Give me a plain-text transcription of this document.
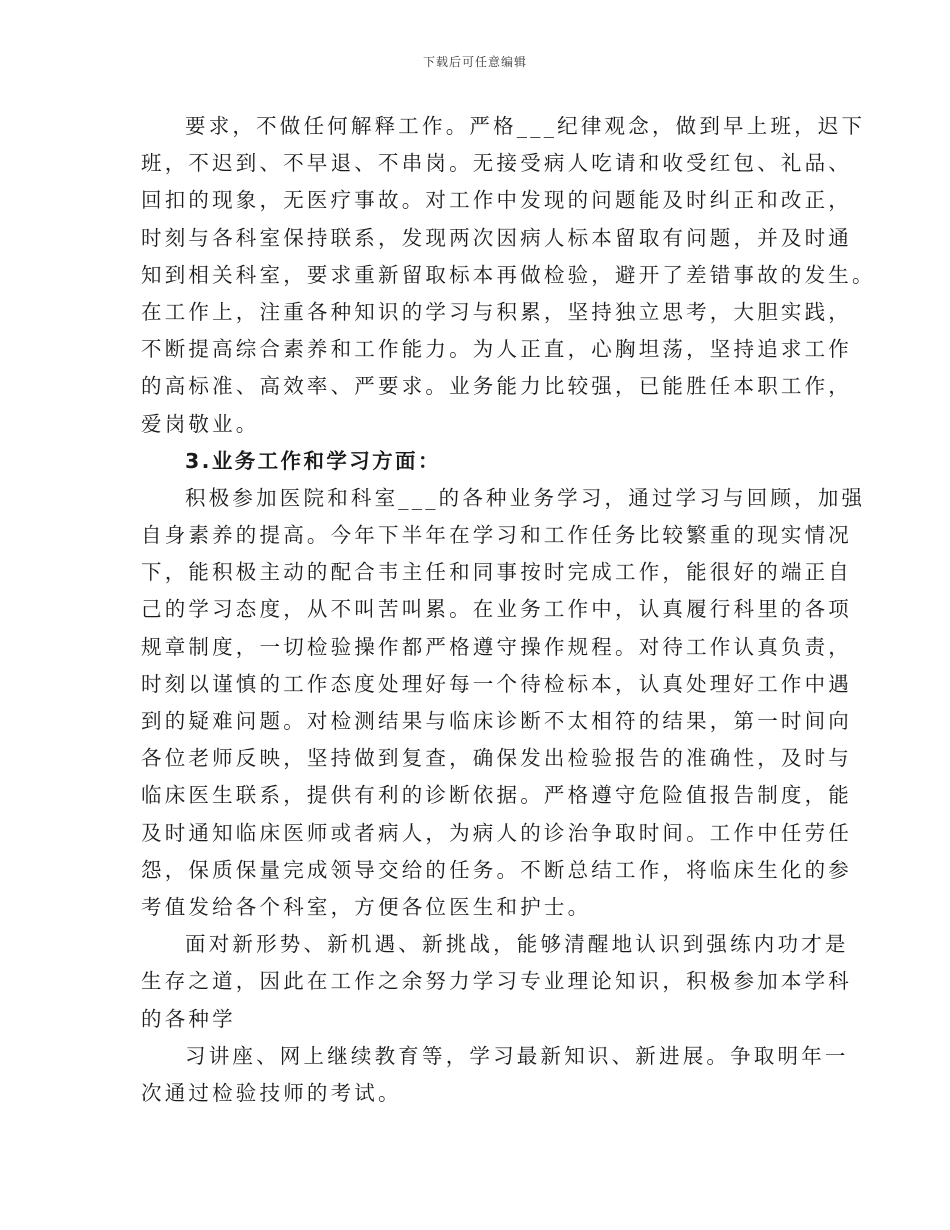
下载后可任意编辑
要求，不做任何解释工作。严格___纪律观念，做到早上班，迟下
班，不迟到、不早退、不串岗。无接受病人吃请和收受红包、礼品、
回扣的现象，无医疗事故。对工作中发现的问题能及时纠正和改正，
时刻与各科室保持联系，发现两次因病人标本留取有问题，并及时通
知到相关科室，要求重新留取标本再做检验，避开了差错事故的发生。
在工作上，注重各种知识的学习与积累，坚持独立思考，大胆实践，
不断提高综合素养和工作能力。为人正直，心胸坦荡，坚持追求工作
的高标准、高效率、严要求。业务能力比较强，已能胜任本职工作，
爱岗敬业。
3.业务工作和学习方面：
积极参加医院和科室___的各种业务学习，通过学习与回顾，加强
自身素养的提高。今年下半年在学习和工作任务比较繁重的现实情况
下，能积极主动的配合韦主任和同事按时完成工作，能很好的端正自
己的学习态度，从不叫苦叫累。在业务工作中，认真履行科里的各项
规章制度，一切检验操作都严格遵守操作规程。对待工作认真负责，
时刻以谨慎的工作态度处理好每一个待检标本，认真处理好工作中遇
到的疑难问题。对检测结果与临床诊断不太相符的结果，第一时间向
各位老师反映，坚持做到复查，确保发出检验报告的准确性，及时与
临床医生联系，提供有利的诊断依据。严格遵守危险值报告制度，能
及时通知临床医师或者病人，为病人的诊治争取时间。工作中任劳任
怨，保质保量完成领导交给的任务。不断总结工作，将临床生化的参
考值发给各个科室，方便各位医生和护士。
面对新形势、新机遇、新挑战，能够清醒地认识到强练内功才是
生存之道，因此在工作之余努力学习专业理论知识，积极参加本学科
的各种学
习讲座、网上继续教育等，学习最新知识、新进展。争取明年一
次通过检验技师的考试。
